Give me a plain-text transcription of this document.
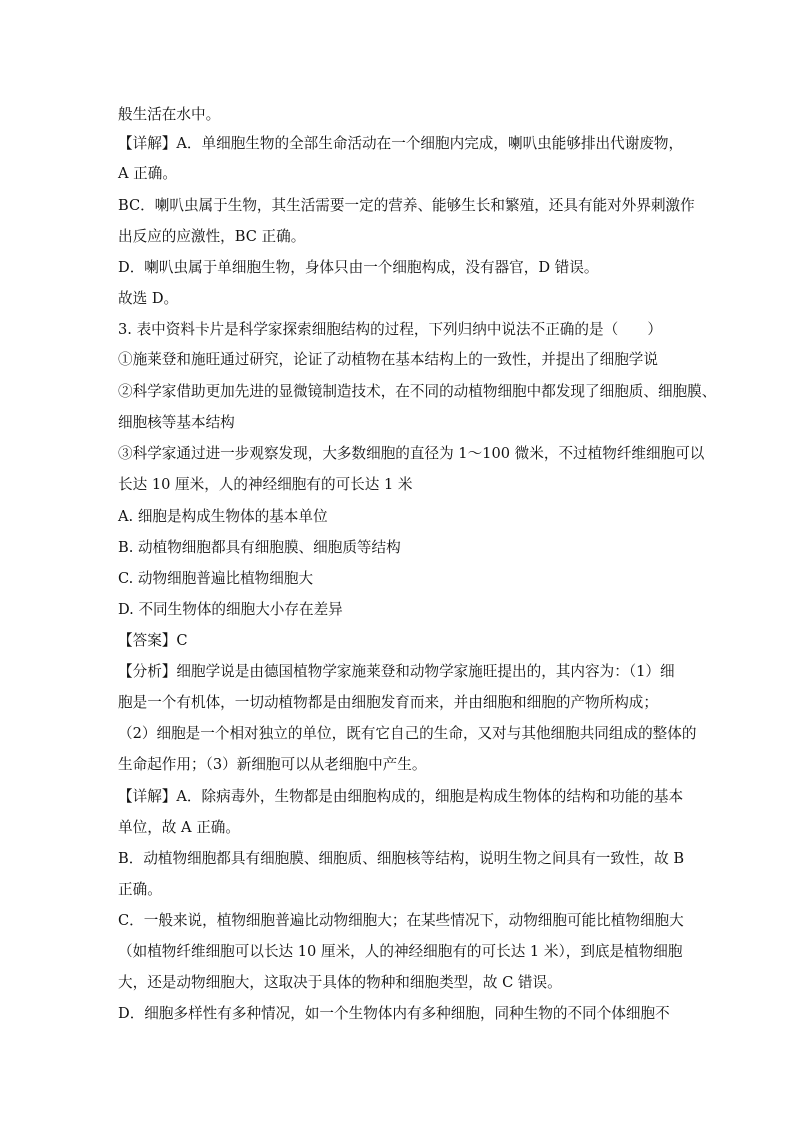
般生活在水中。
【详解】A．单细胞生物的全部生命活动在一个细胞内完成，喇叭虫能够排出代谢废物，
A 正确。
BC．喇叭虫属于生物，其生活需要一定的营养、能够生长和繁殖，还具有能对外界刺激作
出反应的应激性，BC 正确。
D．喇叭虫属于单细胞生物，身体只由一个细胞构成，没有器官，D 错误。
故选 D。
3. 表中资料卡片是科学家探索细胞结构的过程，下列归纳中说法不正确的是（　　）
①施莱登和施旺通过研究，论证了动植物在基本结构上的一致性，并提出了细胞学说
②科学家借助更加先进的显微镜制造技术，在不同的动植物细胞中都发现了细胞质、细胞膜、
细胞核等基本结构
③科学家通过进一步观察发现，大多数细胞的直径为 1～100 微米，不过植物纤维细胞可以
长达 10 厘米，人的神经细胞有的可长达 1 米
A. 细胞是构成生物体的基本单位
B. 动植物细胞都具有细胞膜、细胞质等结构
C. 动物细胞普遍比植物细胞大
D. 不同生物体的细胞大小存在差异
【答案】C
【分析】细胞学说是由德国植物学家施莱登和动物学家施旺提出的，其内容为：（1）细
胞是一个有机体，一切动植物都是由细胞发育而来，并由细胞和细胞的产物所构成；
（2）细胞是一个相对独立的单位，既有它自己的生命，又对与其他细胞共同组成的整体的
生命起作用；（3）新细胞可以从老细胞中产生。
【详解】A．除病毒外，生物都是由细胞构成的，细胞是构成生物体的结构和功能的基本
单位，故 A 正确。
B．动植物细胞都具有细胞膜、细胞质、细胞核等结构，说明生物之间具有一致性，故 B
正确。
C．一般来说，植物细胞普遍比动物细胞大；在某些情况下，动物细胞可能比植物细胞大
（如植物纤维细胞可以长达 10 厘米，人的神经细胞有的可长达 1 米），到底是植物细胞
大，还是动物细胞大，这取决于具体的物种和细胞类型，故 C 错误。
D．细胞多样性有多种情况，如一个生物体内有多种细胞，同种生物的不同个体细胞不
